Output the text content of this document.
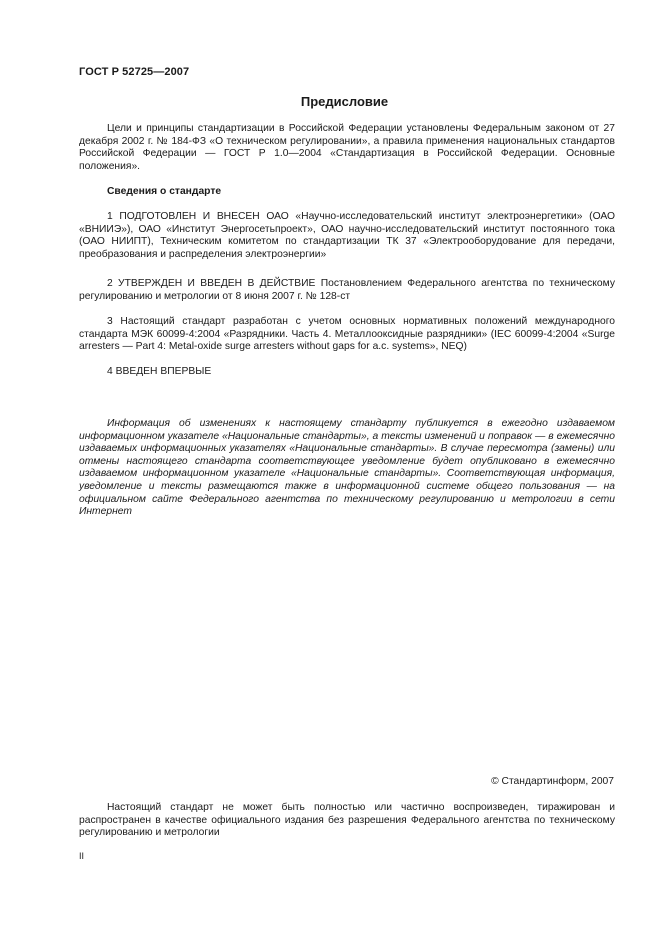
ГОСТ Р 52725—2007
Предисловие

Цели и принципы стандартизации в Российской Федерации установлены Федеральным законом от 27 декабря 2002 г. № 184-ФЗ «О техническом регулировании», а правила применения национальных стандартов Российской Федерации — ГОСТ Р 1.0—2004 «Стандартизация в Российской Федерации. Основные положения».

Сведения о стандарте

1 ПОДГОТОВЛЕН И ВНЕСЕН ОАО «Научно-исследовательский институт электроэнергетики» (ОАО «ВНИИЭ»), ОАО «Институт Энергосетьпроект», ОАО научно-исследовательский институт постоянного тока (ОАО НИИПТ), Техническим комитетом по стандартизации ТК 37 «Электрооборудование для передачи, преобразования и распределения электроэнергии»

2 УТВЕРЖДЕН И ВВЕДЕН В ДЕЙСТВИЕ Постановлением Федерального агентства по техническому регулированию и метрологии от 8 июня 2007 г. № 128-ст

3 Настоящий стандарт разработан с учетом основных нормативных положений международного стандарта МЭК 60099-4:2004 «Разрядники. Часть 4. Металлооксидные разрядники» (IEC 60099-4:2004 «Surge arresters — Part 4: Metal-oxide surge arresters without gaps for a.c. systems», NEQ)

4 ВВЕДЕН ВПЕРВЫЕ

Информация об изменениях к настоящему стандарту публикуется в ежегодно издаваемом информационном указателе «Национальные стандарты», а тексты изменений и поправок — в ежемесячно издаваемых информационных указателях «Национальные стандарты». В случае пересмотра (замены) или отмены настоящего стандарта соответствующее уведомление будет опубликовано в ежемесячно издаваемом информационном указателе «Национальные стандарты». Соответствующая информация, уведомление и тексты размещаются также в информационной системе общего пользования — на официальном сайте Федерального агентства по техническому регулированию и метрологии в сети Интернет

© Стандартинформ, 2007

Настоящий стандарт не может быть полностью или частично воспроизведен, тиражирован и распространен в качестве официального издания без разрешения Федерального агентства по техническому регулированию и метрологии

II
